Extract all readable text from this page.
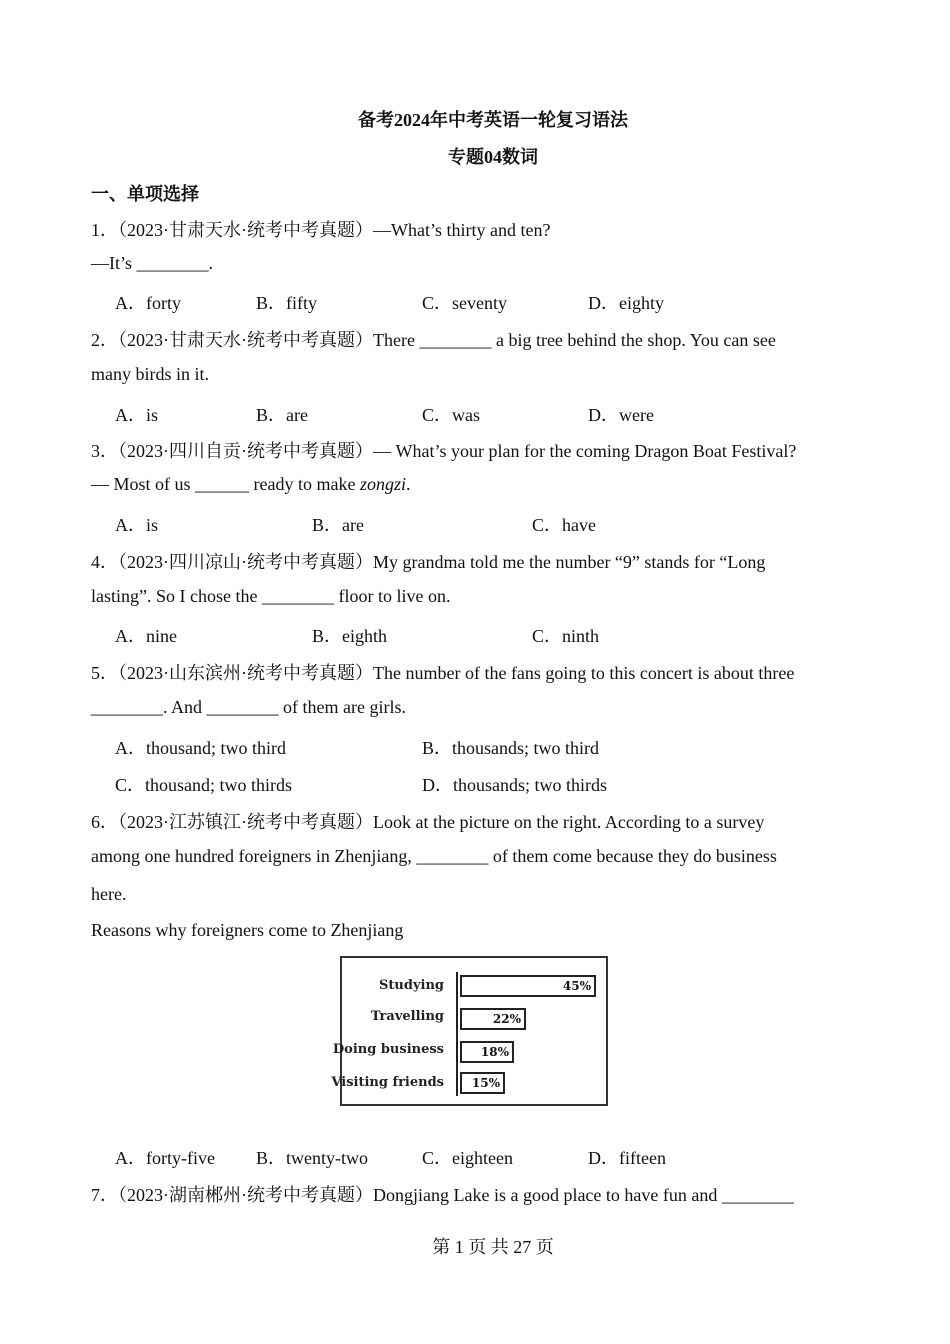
备考2024年中考英语一轮复习语法
专题04数词
一、单项选择
1．（2023·甘肃天水·统考中考真题）—What’s thirty and ten?
—It’s ________.
A．forty	B．fifty	C．seventy	D．eighty
2．（2023·甘肃天水·统考中考真题）There ________ a big tree behind the shop. You can see
many birds in it.
A．is	B．are	C．was	D．were
3．（2023·四川自贡·统考中考真题）— What’s your plan for the coming Dragon Boat Festival?
— Most of us ______ ready to make zongzi.
A．is	B．are	C．have
4．（2023·四川凉山·统考中考真题）My grandma told me the number “9” stands for “Long
lasting”. So I chose the ________ floor to live on.
A．nine	B．eighth	C．ninth
5．（2023·山东滨州·统考中考真题）The number of the fans going to this concert is about three
________. And ________ of them are girls.
A．thousand; two third	B．thousands; two third
C．thousand; two thirds	D．thousands; two thirds
6．（2023·江苏镇江·统考中考真题）Look at the picture on the right. According to a survey
among one hundred foreigners in Zhenjiang, ________ of them come because they do business
here.
Reasons why foreigners come to Zhenjiang
Studying
Travelling
Doing business
Visiting friends
45%
22%
18%
15%
A．forty-five B．twenty-two	C．eighteen	D．fifteen
7．（2023·湖南郴州·统考中考真题）Dongjiang Lake is a good place to have fun and ________
第 1 页 共 27 页
